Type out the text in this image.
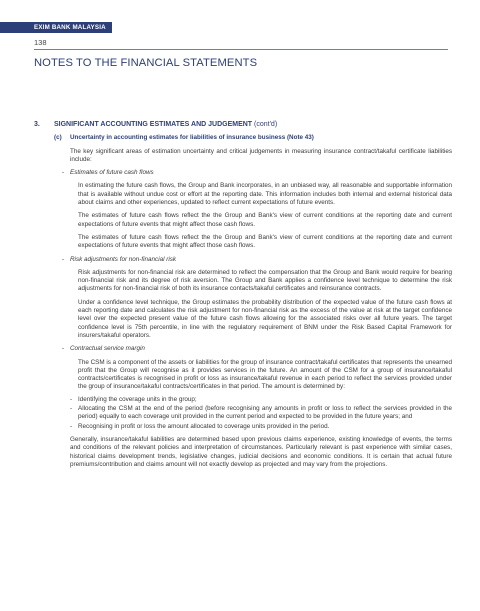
EXIM BANK MALAYSIA
138
NOTES TO THE FINANCIAL STATEMENTS
3. SIGNIFICANT ACCOUNTING ESTIMATES AND JUDGEMENT (cont'd)
(c) Uncertainty in accounting estimates for liabilities of insurance business (Note 43)
The key significant areas of estimation uncertainty and critical judgements in measuring insurance contract/takaful certificate liabilities include:
- Estimates of future cash flows
In estimating the future cash flows, the Group and Bank incorporates, in an unbiased way, all reasonable and supportable information that is available without undue cost or effort at the reporting date. This information includes both internal and external historical data about claims and other experiences, updated to reflect current expectations of future events.
The estimates of future cash flows reflect the the Group and Bank's view of current conditions at the reporting date and current expectations of future events that might affect those cash flows.
The estimates of future cash flows reflect the the Group and Bank's view of current conditions at the reporting date and current expectations of future events that might affect those cash flows.
- Risk adjustments for non-financial risk
Risk adjustments for non-financial risk are determined to reflect the compensation that the Group and Bank would require for bearing non-financial risk and its degree of risk aversion. The Group and Bank applies a confidence level technique to determine the risk adjustments for non-financial risk of both its insurance contacts/takaful certificates and reinsurance contracts.
Under a confidence level technique, the Group estimates the probability distribution of the expected value of the future cash flows at each reporting date and calculates the risk adjustment for non-financial risk as the excess of the value at risk at the target confidence level over the expected present value of the future cash flows allowing for the associated risks over all future years. The target confidence level is 75th percentile, in line with the regulatory requirement of BNM under the Risk Based Capital Framework for insurers/takaful operators.
- Contractual service margin
The CSM is a component of the assets or liabilities for the group of insurance contract/takaful certificates that represents the unearned profit that the Group will recognise as it provides services in the future. An amount of the CSM for a group of insurance/takaful contracts/certificates is recognised in profit or loss as insurance/takaful revenue in each period to reflect the services provided under the group of insurance/takaful contracts/certificates in that period. The amount is determined by:
- Identifying the coverage units in the group;
- Allocating the CSM at the end of the period (before recognising any amounts in profit or loss to reflect the services provided in the period) equally to each coverage unit provided in the current period and expected to be provided in the future years; and
- Recognising in profit or loss the amount allocated to coverage units provided in the period.
Generally, insurance/takaful liabilities are determined based upon previous claims experience, existing knowledge of events, the terms and conditions of the relevant policies and interpretation of circumstances. Particularly relevant is past experience with similar cases, historical claims development trends, legislative changes, judicial decisions and economic conditions. It is certain that actual future premiums/contribution and claims amount will not exactly develop as projected and may vary from the projections.
